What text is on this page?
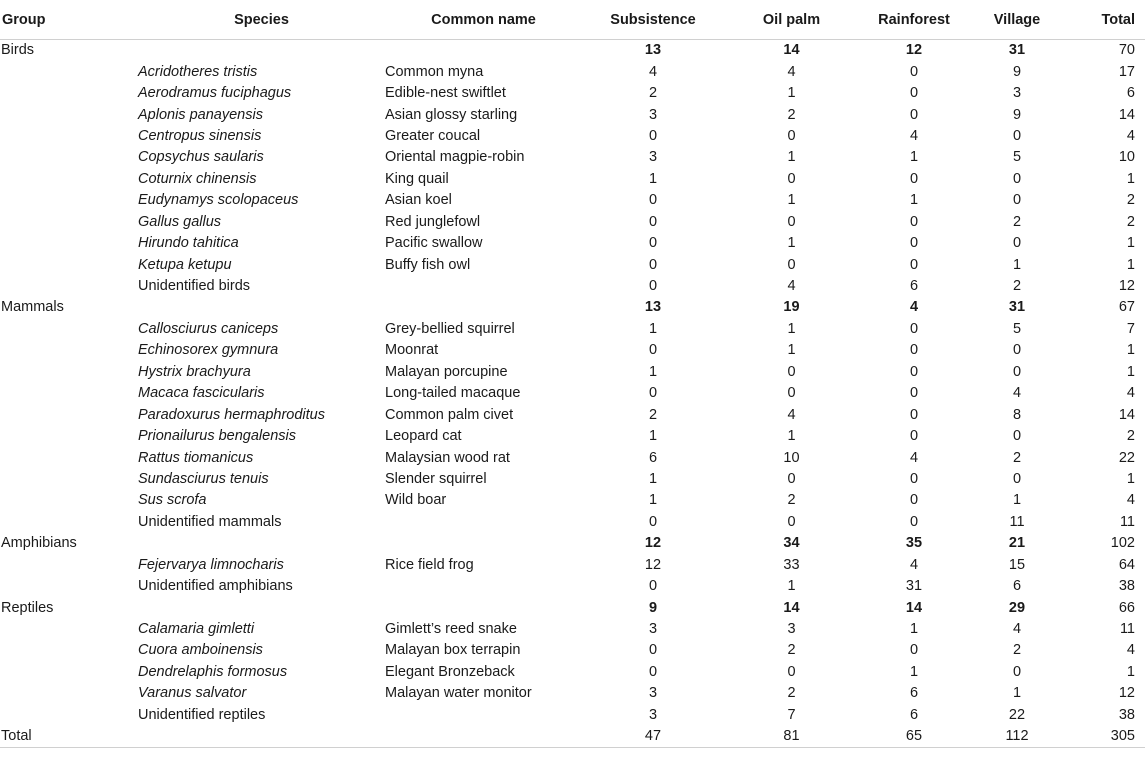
Group	Species	Common name	Subsistence	Oil palm	Rainforest	Village	Total
Birds			13	14	12	31	70
	Acridotheres tristis	Common myna	4	4	0	9	17
	Aerodramus fuciphagus	Edible-nest swiftlet	2	1	0	3	6
	Aplonis panayensis	Asian glossy starling	3	2	0	9	14
	Centropus sinensis	Greater coucal	0	0	4	0	4
	Copsychus saularis	Oriental magpie-robin	3	1	1	5	10
	Coturnix chinensis	King quail	1	0	0	0	1
	Eudynamys scolopaceus	Asian koel	0	1	1	0	2
	Gallus gallus	Red junglefowl	0	0	0	2	2
	Hirundo tahitica	Pacific swallow	0	1	0	0	1
	Ketupa ketupu	Buffy fish owl	0	0	0	1	1
	Unidentified birds		0	4	6	2	12
Mammals			13	19	4	31	67
	Callosciurus caniceps	Grey-bellied squirrel	1	1	0	5	7
	Echinosorex gymnura	Moonrat	0	1	0	0	1
	Hystrix brachyura	Malayan porcupine	1	0	0	0	1
	Macaca fascicularis	Long-tailed macaque	0	0	0	4	4
	Paradoxurus hermaphroditus	Common palm civet	2	4	0	8	14
	Prionailurus bengalensis	Leopard cat	1	1	0	0	2
	Rattus tiomanicus	Malaysian wood rat	6	10	4	2	22
	Sundasciurus tenuis	Slender squirrel	1	0	0	0	1
	Sus scrofa	Wild boar	1	2	0	1	4
	Unidentified mammals		0	0	0	11	11
Amphibians			12	34	35	21	102
	Fejervarya limnocharis	Rice field frog	12	33	4	15	64
	Unidentified amphibians		0	1	31	6	38
Reptiles			9	14	14	29	66
	Calamaria gimletti	Gimlett’s reed snake	3	3	1	4	11
	Cuora amboinensis	Malayan box terrapin	0	2	0	2	4
	Dendrelaphis formosus	Elegant Bronzeback	0	0	1	0	1
	Varanus salvator	Malayan water monitor	3	2	6	1	12
	Unidentified reptiles		3	7	6	22	38
Total			47	81	65	112	305
